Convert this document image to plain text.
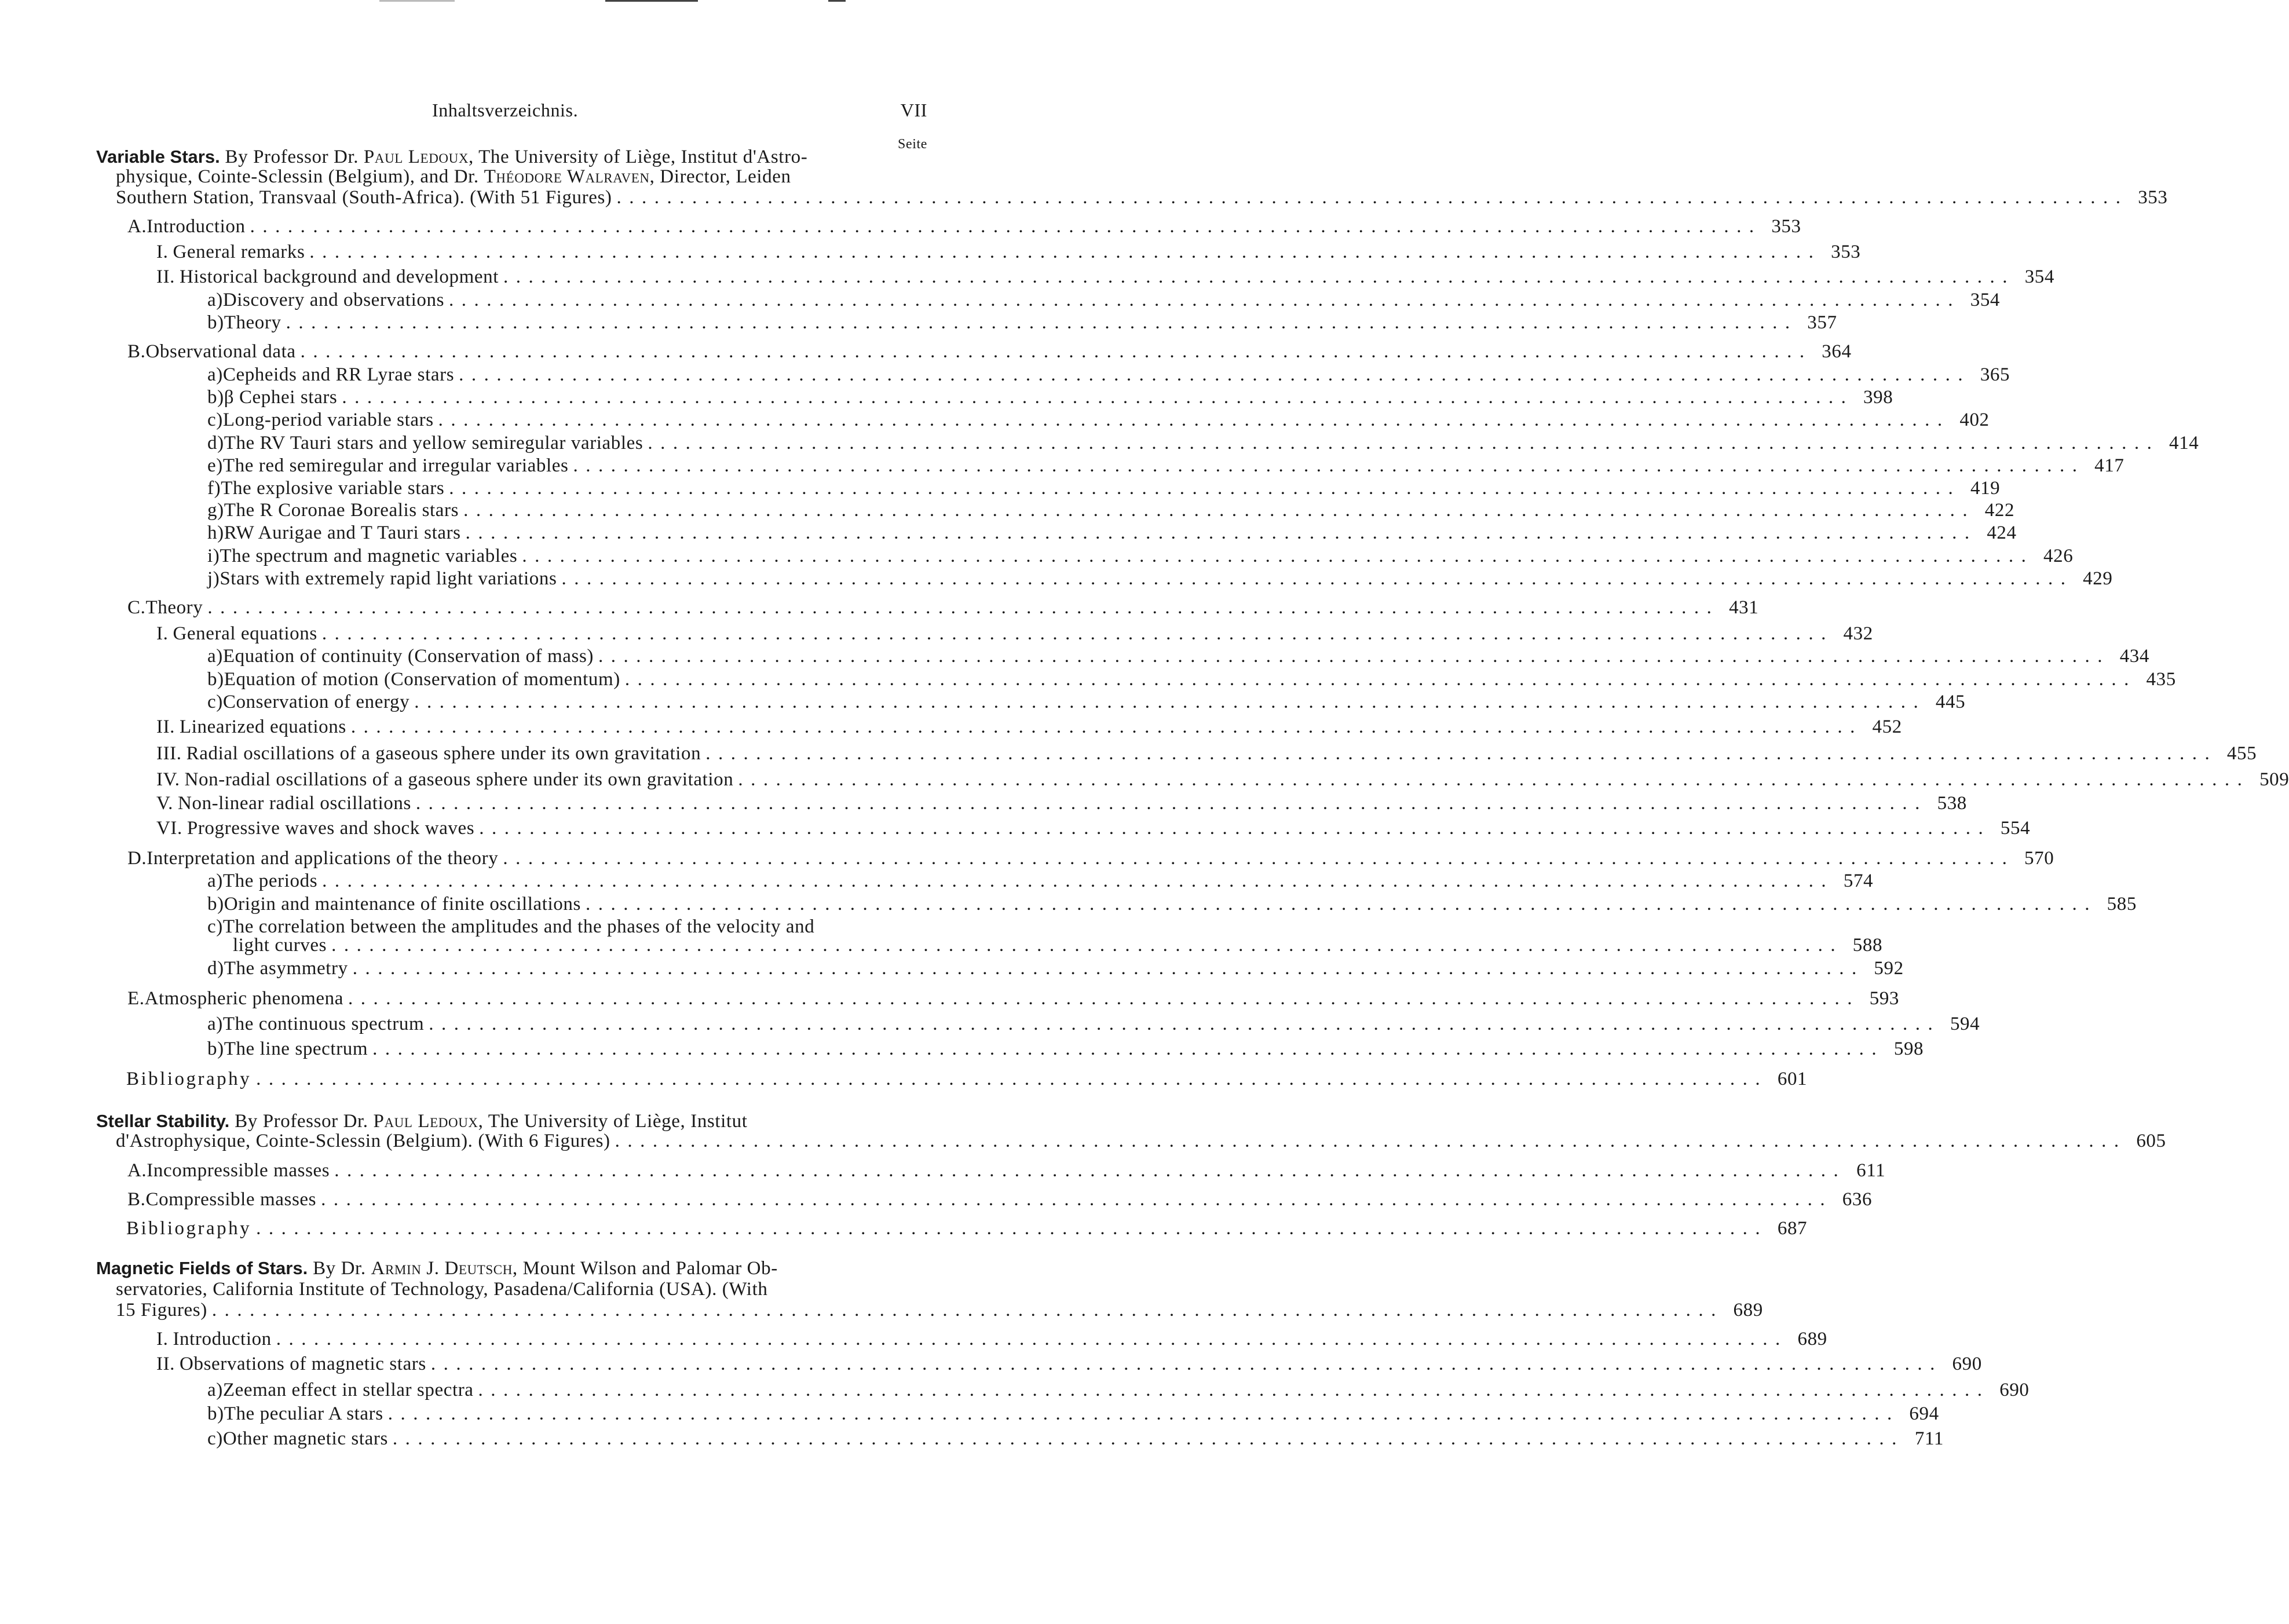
Inhaltsverzeichnis.	VII
Seite
Variable Stars. By Professor Dr. Paul Ledoux, The University of Liège, Institut d'Astro-
physique, Cointe-Sclessin (Belgium), and Dr. Théodore Walraven, Director, Leiden
Southern Station, Transvaal (South-Africa). (With 51 Figures) ........................................................................................................................ 353
Stellar Stability. By Professor Dr. Paul Ledoux, The University of Liège, Institut
d'Astrophysique, Cointe-Sclessin (Belgium). (With 6 Figures) ........................................................................................................................ 605
Magnetic Fields of Stars. By Dr. Armin J. Deutsch, Mount Wilson and Palomar Ob-
servatories, California Institute of Technology, Pasadena/California (USA). (With
15 Figures) ........................................................................................................................ 689
A. Introduction ........................................................................................................................ 353
I. General remarks ........................................................................................................................ 353
II. Historical background and development ........................................................................................................................ 354
a) Discovery and observations ........................................................................................................................ 354
b) Theory ........................................................................................................................ 357
B. Observational data ........................................................................................................................ 364
a) Cepheids and RR Lyrae stars ........................................................................................................................ 365
b) β Cephei stars ........................................................................................................................ 398
c) Long-period variable stars ........................................................................................................................ 402
d) The RV Tauri stars and yellow semiregular variables ........................................................................................................................ 414
e) The red semiregular and irregular variables ........................................................................................................................ 417
f) The explosive variable stars ........................................................................................................................ 419
g) The R Coronae Borealis stars ........................................................................................................................ 422
h) RW Aurigae and T Tauri stars ........................................................................................................................ 424
i) The spectrum and magnetic variables ........................................................................................................................ 426
j) Stars with extremely rapid light variations ........................................................................................................................ 429
C. Theory ........................................................................................................................ 431
I. General equations ........................................................................................................................ 432
a) Equation of continuity (Conservation of mass) ........................................................................................................................ 434
b) Equation of motion (Conservation of momentum) ........................................................................................................................ 435
c) Conservation of energy ........................................................................................................................ 445
II. Linearized equations ........................................................................................................................ 452
III. Radial oscillations of a gaseous sphere under its own gravitation ........................................................................................................................ 455
IV. Non-radial oscillations of a gaseous sphere under its own gravitation ........................................................................................................................ 509
V. Non-linear radial oscillations ........................................................................................................................ 538
VI. Progressive waves and shock waves ........................................................................................................................ 554
D. Interpretation and applications of the theory ........................................................................................................................ 570
a) The periods ........................................................................................................................ 574
b) Origin and maintenance of finite oscillations ........................................................................................................................ 585
c)The correlation between the amplitudes and the phases of the velocity and
light curves ........................................................................................................................ 588
d) The asymmetry ........................................................................................................................ 592
E. Atmospheric phenomena ........................................................................................................................ 593
a) The continuous spectrum ........................................................................................................................ 594
b) The line spectrum ........................................................................................................................ 598
Bibliography ........................................................................................................................ 601
A. Incompressible masses ........................................................................................................................ 611
B. Compressible masses ........................................................................................................................ 636
Bibliography ........................................................................................................................ 687
I. Introduction ........................................................................................................................ 689
II. Observations of magnetic stars ........................................................................................................................ 690
a) Zeeman effect in stellar spectra ........................................................................................................................ 690
b) The peculiar A stars ........................................................................................................................ 694
c) Other magnetic stars ........................................................................................................................ 711
